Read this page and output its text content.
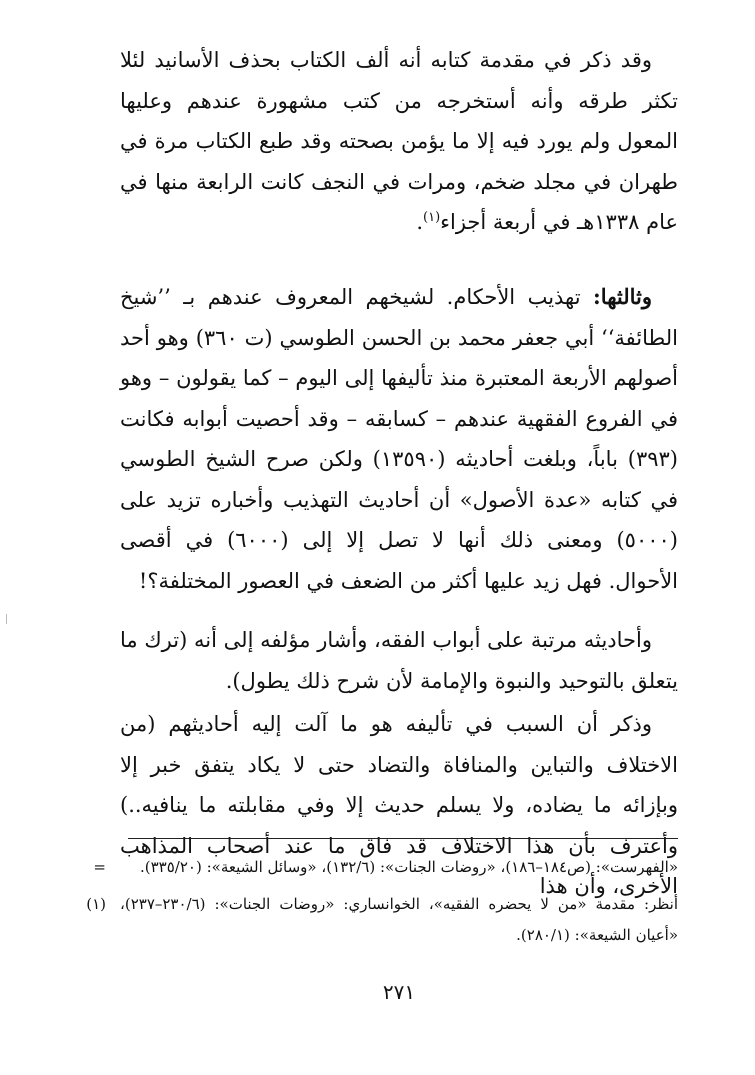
وقد ذكر في مقدمة كتابه أنه ألف الكتاب بحذف الأسانيد لئلا تكثر طرقه وأنه أستخرجه من كتب مشهورة عندهم وعليها المعول ولم يورد فيه إلا ما يؤمن بصحته وقد طبع الكتاب مرة في طهران في مجلد ضخم، ومرات في النجف كانت الرابعة منها في عام ١٣٣٨هـ في أربعة أجزاء$^{(١)}$.

وثالثها: تهذيب الأحكام. لشيخهم المعروف عندهم بـ ’’شيخ الطائفة‘‘ أبي جعفر محمد بن الحسن الطوسي (ت ٣٦٠) وهو أحد أصولهم الأربعة المعتبرة منذ تأليفها إلى اليوم – كما يقولون – وهو في الفروع الفقهية عندهم – كسابقه – وقد أحصيت أبوابه فكانت (٣٩٣) باباً، وبلغت أحاديثه (١٣٥٩٠) ولكن صرح الشيخ الطوسي في كتابه «عدة الأصول» أن أحاديث التهذيب وأخباره تزيد على (٥٠٠٠) ومعنى ذلك أنها لا تصل إلا إلى (٦٠٠٠) في أقصى الأحوال. فهل زيد عليها أكثر من الضعف في العصور المختلفة؟!

وأحاديثه مرتبة على أبواب الفقه، وأشار مؤلفه إلى أنه (ترك ما يتعلق بالتوحيد والنبوة والإمامة لأن شرح ذلك يطول).

وذكر أن السبب في تأليفه هو ما آلت إليه أحاديثهم (من الاختلاف والتباين والمنافاة والتضاد حتى لا يكاد يتفق خبر إلا وبإزائه ما يضاده، ولا يسلم حديث إلا وفي مقابلته ما ينافيه..) وأعترف بأن هذا الاختلاف قد فاق ما عند أصحاب المذاهب الأخرى، وأن هذا

= «الفهرست»: (ص١٨٤–١٨٦)، «روضات الجنات»: (١٣٢/٦)، «وسائل الشيعة»: (٣٣٥/٢٠).
(١) أنظر: مقدمة «من لا يحضره الفقيه»، الخوانساري: «روضات الجنات»: (٢٣٠/٦–٢٣٧)، «أعيان الشيعة»: (٢٨٠/١).
٢٧١
